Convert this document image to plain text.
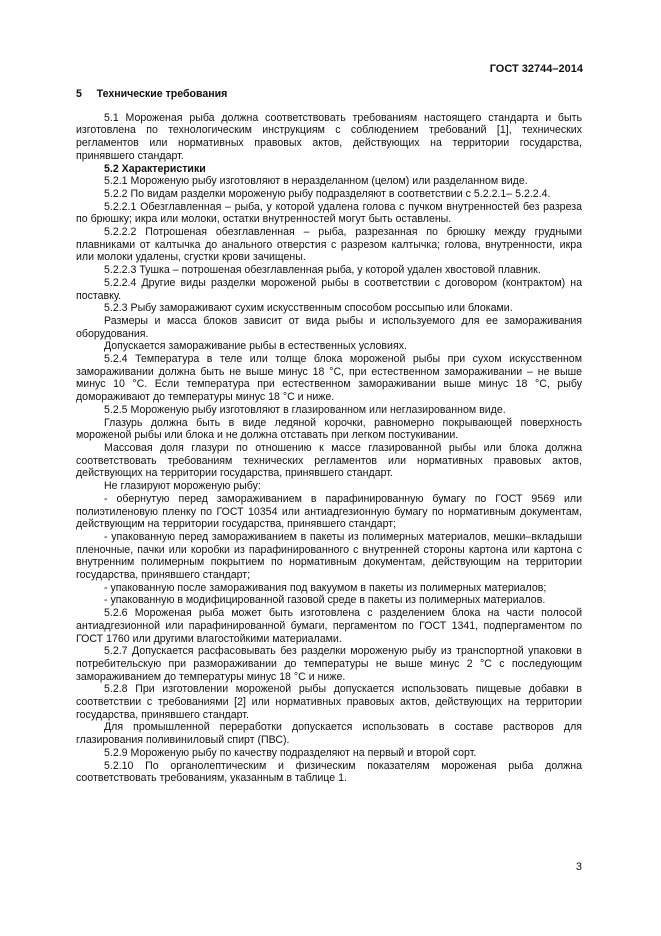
ГОСТ 32744–2014

5 Технические требования

5.1 Мороженая рыба должна соответствовать требованиям настоящего стандарта и быть изготовлена по технологическим инструкциям с соблюдением требований [1], технических регламентов или нормативных правовых актов, действующих на территории государства, принявшего стандарт.

5.2 Характеристики

5.2.1 Мороженую рыбу изготовляют в неразделанном (целом) или разделанном виде.

5.2.2 По видам разделки мороженую рыбу подразделяют в соответствии с 5.2.2.1– 5.2.2.4.

5.2.2.1 Обезглавленная – рыба, у которой удалена голова с пучком внутренностей без разреза по брюшку; икра или молоки, остатки внутренностей могут быть оставлены.

5.2.2.2 Потрошеная обезглавленная – рыба, разрезанная по брюшку между грудными плавниками от калтычка до анального отверстия с разрезом калтычка; голова, внутренности, икра или молоки удалены, сгустки крови зачищены.

5.2.2.3 Тушка – потрошеная обезглавленная рыба, у которой удален хвостовой плавник.

5.2.2.4 Другие виды разделки мороженой рыбы в соответствии с договором (контрактом) на поставку.

5.2.3 Рыбу замораживают сухим искусственным способом россыпью или блоками.

Размеры и масса блоков зависит от вида рыбы и используемого для ее замораживания оборудования.

Допускается замораживание рыбы в естественных условиях.

5.2.4 Температура в теле или толще блока мороженой рыбы при сухом искусственном замораживании должна быть не выше минус 18 °С, при естественном замораживании – не выше минус 10 °С. Если температура при естественном замораживании выше минус 18 °С, рыбу домораживают до температуры минус 18 °С и ниже.

5.2.5 Мороженую рыбу изготовляют в глазированном или неглазированном виде.

Глазурь должна быть в виде ледяной корочки, равномерно покрывающей поверхность мороженой рыбы или блока и не должна отставать при легком постукивании.

Массовая доля глазури по отношению к массе глазированной рыбы или блока должна соответствовать требованиям технических регламентов или нормативных правовых актов, действующих на территории государства, принявшего стандарт.

Не глазируют мороженую рыбу:

- обернутую перед замораживанием в парафинированную бумагу по ГОСТ 9569 или полиэтиленовую пленку по ГОСТ 10354 или антиадгезионную бумагу по нормативным документам, действующим на территории государства, принявшего стандарт;

- упакованную перед замораживанием в пакеты из полимерных материалов, мешки–вкладыши пленочные, пачки или коробки из парафинированного с внутренней стороны картона или картона с внутренним полимерным покрытием по нормативным документам, действующим на территории государства, принявшего стандарт;

- упакованную после замораживания под вакуумом в пакеты из полимерных материалов;

- упакованную в модифицированной газовой среде в пакеты из полимерных материалов.

5.2.6 Мороженая рыба может быть изготовлена с разделением блока на части полосой антиадгезионной или парафинированной бумаги, пергаментом по ГОСТ 1341, подпергаментом по ГОСТ 1760 или другими влагостойкими материалами.

5.2.7 Допускается расфасовывать без разделки мороженую рыбу из транспортной упаковки в потребительскую при размораживании до температуры не выше минус 2 °С с последующим замораживанием до температуры минус 18 °С и ниже.

5.2.8 При изготовлении мороженой рыбы допускается использовать пищевые добавки в соответствии с требованиями [2] или нормативных правовых актов, действующих на территории государства, принявшего стандарт.

Для промышленной переработки допускается использовать в составе растворов для глазирования поливиниловый спирт (ПВС).

5.2.9 Мороженую рыбу по качеству подразделяют на первый и второй сорт.

5.2.10 По органолептическим и физическим показателям мороженая рыба должна соответствовать требованиям, указанным в таблице 1.

3
